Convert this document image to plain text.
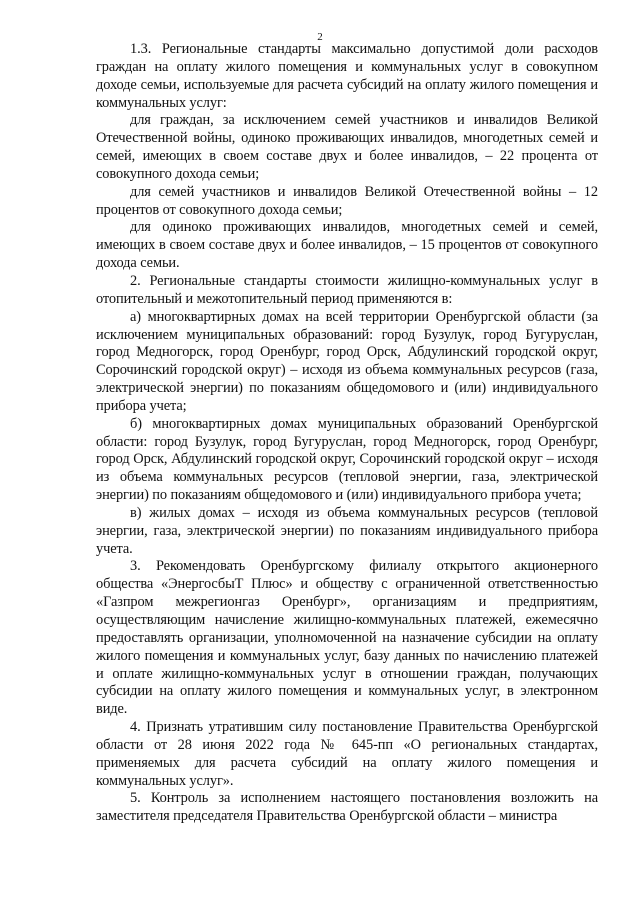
2

1.3. Региональные стандарты максимально допустимой доли расходов граждан на оплату жилого помещения и коммунальных услуг в совокупном доходе семьи, используемые для расчета субсидий на оплату жилого помещения и коммунальных услуг:

для граждан, за исключением семей участников и инвалидов Великой Отечественной войны, одиноко проживающих инвалидов, многодетных семей и семей, имеющих в своем составе двух и более инвалидов, – 22 процента от совокупного дохода семьи;

для семей участников и инвалидов Великой Отечественной войны – 12 процентов от совокупного дохода семьи;

для одиноко проживающих инвалидов, многодетных семей и семей, имеющих в своем составе двух и более инвалидов, – 15 процентов от совокупного дохода семьи.

2. Региональные стандарты стоимости жилищно-коммунальных услуг в отопительный и межотопительный период применяются в:

а) многоквартирных домах на всей территории Оренбургской области (за исключением муниципальных образований: город Бузулук, город Бугуруслан, город Медногорск, город Оренбург, город Орск, Абдулинский городской округ, Сорочинский городской округ) – исходя из объема коммунальных ресурсов (газа, электрической энергии) по показаниям общедомового и (или) индивидуального прибора учета;

б) многоквартирных домах муниципальных образований Оренбургской области: город Бузулук, город Бугуруслан, город Медногорск, город Оренбург, город Орск, Абдулинский городской округ, Сорочинский городской округ – исходя из объема коммунальных ресурсов (тепловой энергии, газа, электрической энергии) по показаниям общедомового и (или) индивидуального прибора учета;

в) жилых домах – исходя из объема коммунальных ресурсов (тепловой энергии, газа, электрической энергии) по показаниям индивидуального прибора учета.

3. Рекомендовать Оренбургскому филиалу открытого акционерного общества «ЭнергосбыТ Плюс» и обществу с ограниченной ответственностью «Газпром межрегионгаз Оренбург», организациям и предприятиям, осуществляющим начисление жилищно-коммунальных платежей, ежемесячно предоставлять организации, уполномоченной на назначение субсидии на оплату жилого помещения и коммунальных услуг, базу данных по начислению платежей и оплате жилищно-коммунальных услуг в отношении граждан, получающих субсидии на оплату жилого помещения и коммунальных услуг, в электронном виде.

4. Признать утратившим силу постановление Правительства Оренбургской области от 28 июня 2022 года № 645-пп «О региональных стандартах, применяемых для расчета субсидий на оплату жилого помещения и коммунальных услуг».

5. Контроль за исполнением настоящего постановления возложить на заместителя председателя Правительства Оренбургской области – министра
